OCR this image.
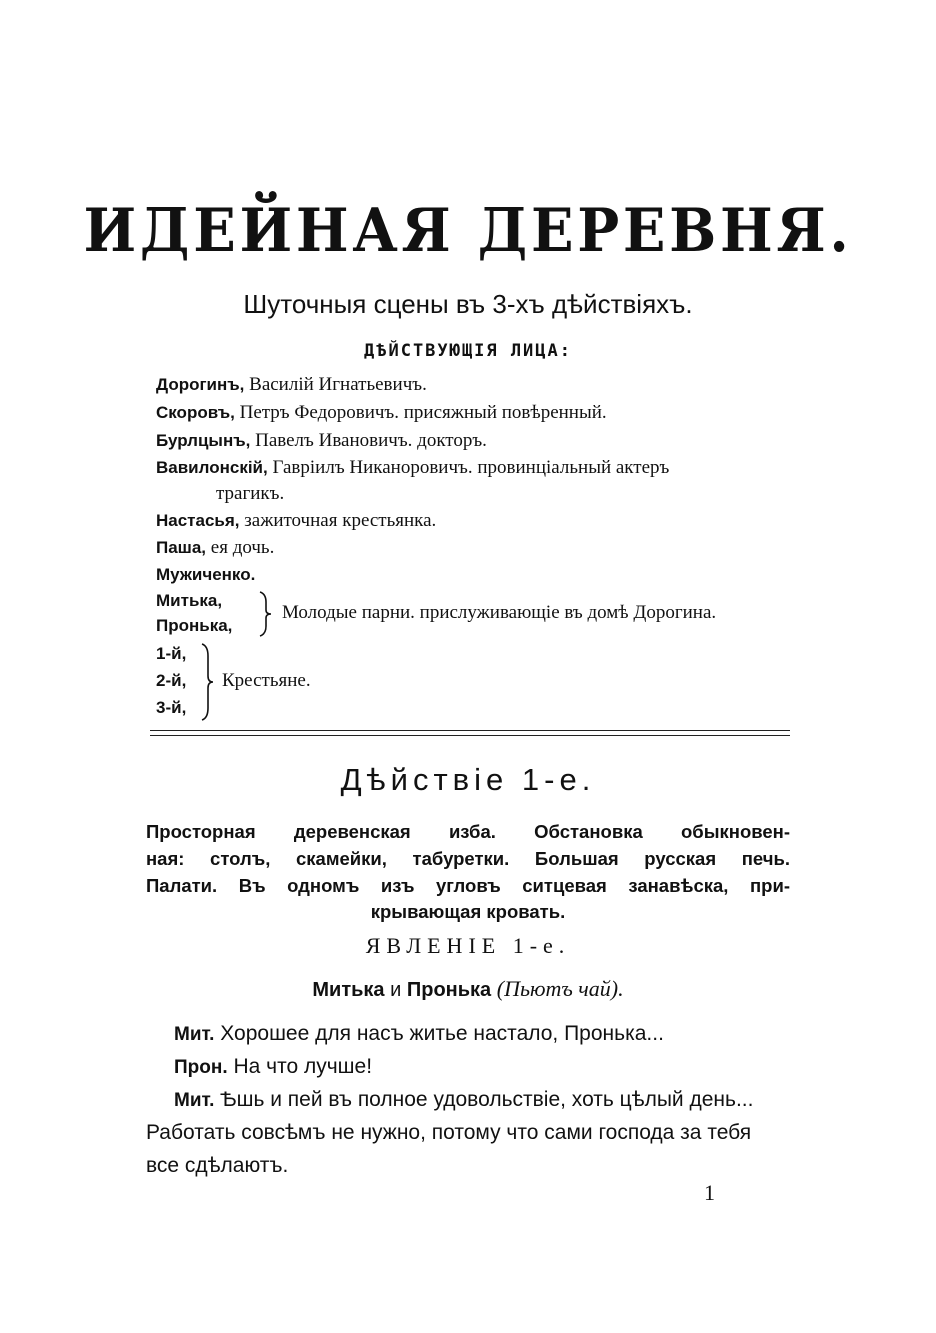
ИДЕЙНАЯ ДЕРЕВНЯ.
Шуточныя сцены въ 3-хъ дѣйствіяхъ.
ДѢЙСТВУЮЩІЯ ЛИЦА:
Дорогинъ, Василій Игнатьевичъ.
Скоровъ, Петръ Федоровичъ. присяжный повѣренный.
Бурлцынъ, Павелъ Ивановичъ. докторъ.
Вавилонскій, Гавріилъ Никаноровичъ. провинціальный актеръ
трагикъ.
Настасья, зажиточная крестьянка.
Паша, ея дочь.
Мужиченко.
Митька,
Пронька,
Молодые парни. прислуживающіе въ домѣ Дорогина.
1-й,
2-й,
3-й,
Крестьяне.
Дѣйствіе 1-е.
Просторная деревенская изба. Обстановка обыкновен-
ная: столъ, скамейки, табуретки. Большая русская печь.
Палати. Въ одномъ изъ угловъ ситцевая занавѣска, при-
крывающая кровать.
ЯВЛЕНІЕ 1-е.
Митька и Пронька (Пьютъ чай).
Мит. Хорошее для насъ житье настало, Пронька...
Прон. На что лучше!
Мит. Ѣшь и пей въ полное удовольствіе, хоть цѣлый день...
Работать совсѣмъ не нужно, потому что сами господа за тебя
все сдѣлаютъ.
1
